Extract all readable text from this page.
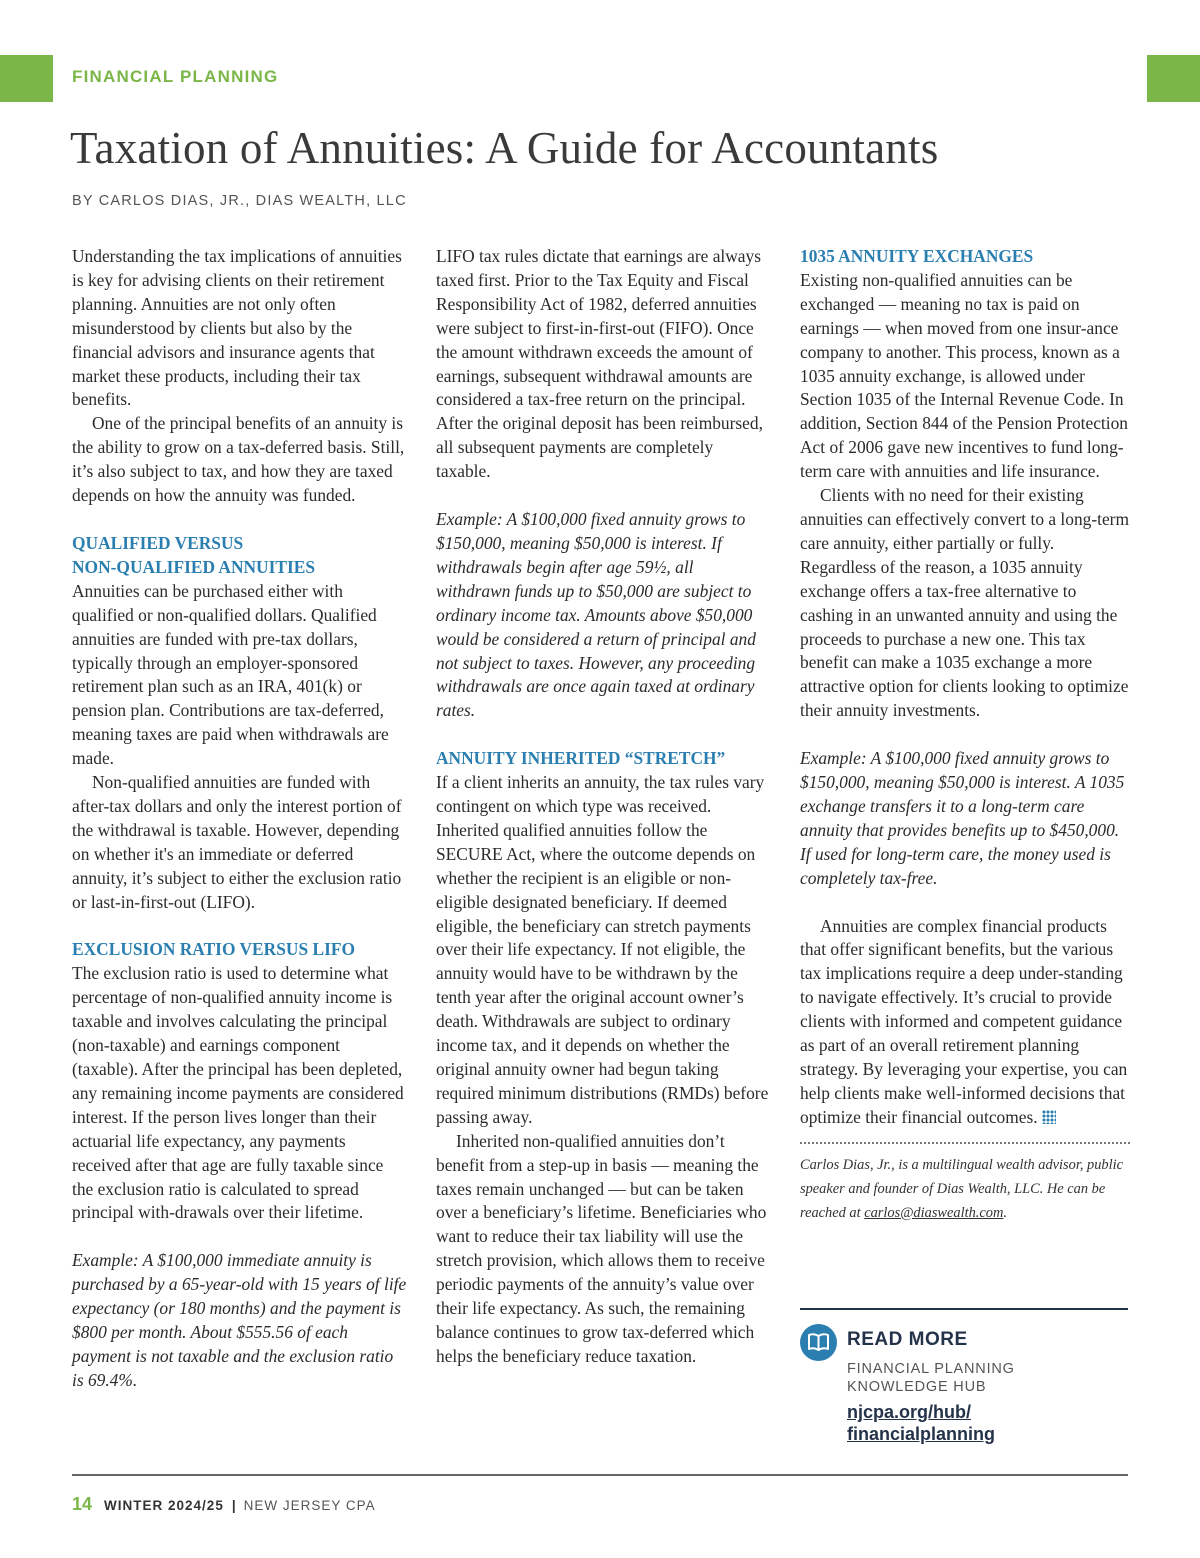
FINANCIAL PLANNING
Taxation of Annuities: A Guide for Accountants
BY CARLOS DIAS, JR., DIAS WEALTH, LLC

Understanding the tax implications of annuities is key for advising clients on their retirement planning. Annuities are not only often misunderstood by clients but also by the financial advisors and insurance agents that market these products, including their tax benefits.

One of the principal benefits of an annuity is the ability to grow on a tax-deferred basis. Still, it’s also subject to tax, and how they are taxed depends on how the annuity was funded.

QUALIFIED VERSUS
NON-QUALIFIED ANNUITIES

Annuities can be purchased either with qualified or non-qualified dollars. Qualified annuities are funded with pre-tax dollars, typically through an employer-sponsored retirement plan such as an IRA, 401(k) or pension plan. Contributions are tax-deferred, meaning taxes are paid when withdrawals are made.

Non-qualified annuities are funded with after-tax dollars and only the interest portion of the withdrawal is taxable. However, depending on whether it's an immediate or deferred annuity, it’s subject to either the exclusion ratio or last-in-first-out (LIFO).

EXCLUSION RATIO VERSUS LIFO

The exclusion ratio is used to determine what percentage of non-qualified annuity income is taxable and involves calculating the principal (non-taxable) and earnings component (taxable). After the principal has been depleted, any remaining income payments are considered interest. If the person lives longer than their actuarial life expectancy, any payments received after that age are fully taxable since the exclusion ratio is calculated to spread principal with-drawals over their lifetime.

Example: A $100,000 immediate annuity is purchased by a 65-year-old with 15 years of life expectancy (or 180 months) and the payment is $800 per month. About $555.56 of each payment is not taxable and the exclusion ratio is 69.4%.

LIFO tax rules dictate that earnings are always taxed first. Prior to the Tax Equity and Fiscal Responsibility Act of 1982, deferred annuities were subject to first-in-first-out (FIFO). Once the amount withdrawn exceeds the amount of earnings, subsequent withdrawal amounts are considered a tax-free return on the principal. After the original deposit has been reimbursed, all subsequent payments are completely taxable.

Example: A $100,000 fixed annuity grows to $150,000, meaning $50,000 is interest. If withdrawals begin after age 59½, all withdrawn funds up to $50,000 are subject to ordinary income tax. Amounts above $50,000 would be considered a return of principal and not subject to taxes. However, any proceeding withdrawals are once again taxed at ordinary rates.

ANNUITY INHERITED “STRETCH”

If a client inherits an annuity, the tax rules vary contingent on which type was received. Inherited qualified annuities follow the SECURE Act, where the outcome depends on whether the recipient is an eligible or non-eligible designated beneficiary. If deemed eligible, the beneficiary can stretch payments over their life expectancy. If not eligible, the annuity would have to be withdrawn by the tenth year after the original account owner’s death. Withdrawals are subject to ordinary income tax, and it depends on whether the original annuity owner had begun taking required minimum distributions (RMDs) before passing away.

Inherited non-qualified annuities don’t benefit from a step-up in basis — meaning the taxes remain unchanged — but can be taken over a beneficiary’s lifetime. Beneficiaries who want to reduce their tax liability will use the stretch provision, which allows them to receive periodic payments of the annuity’s value over their life expectancy. As such, the remaining balance continues to grow tax-deferred which helps the beneficiary reduce taxation.

1035 ANNUITY EXCHANGES

Existing non-qualified annuities can be exchanged — meaning no tax is paid on earnings — when moved from one insur-ance company to another. This process, known as a 1035 annuity exchange, is allowed under Section 1035 of the Internal Revenue Code. In addition, Section 844 of the Pension Protection Act of 2006 gave new incentives to fund long-term care with annuities and life insurance.

Clients with no need for their existing annuities can effectively convert to a long-term care annuity, either partially or fully. Regardless of the reason, a 1035 annuity exchange offers a tax-free alternative to cashing in an unwanted annuity and using the proceeds to purchase a new one. This tax benefit can make a 1035 exchange a more attractive option for clients looking to optimize their annuity investments.

Example: A $100,000 fixed annuity grows to $150,000, meaning $50,000 is interest. A 1035 exchange transfers it to a long-term care annuity that provides benefits up to $450,000. If used for long-term care, the money used is completely tax-free.

Annuities are complex financial products that offer significant benefits, but the various tax implications require a deep under-standing to navigate effectively. It’s crucial to provide clients with informed and competent guidance as part of an overall retirement planning strategy. By leveraging your expertise, you can help clients make well-informed decisions that optimize their financial outcomes.

Carlos Dias, Jr., is a multilingual wealth advisor, public speaker and founder of Dias Wealth, LLC. He can be reached at carlos@diaswealth.com.

READ MORE
FINANCIAL PLANNING KNOWLEDGE HUB
njcpa.org/hub/ financialplanning
14 WINTER 2024/25 | NEW JERSEY CPA
